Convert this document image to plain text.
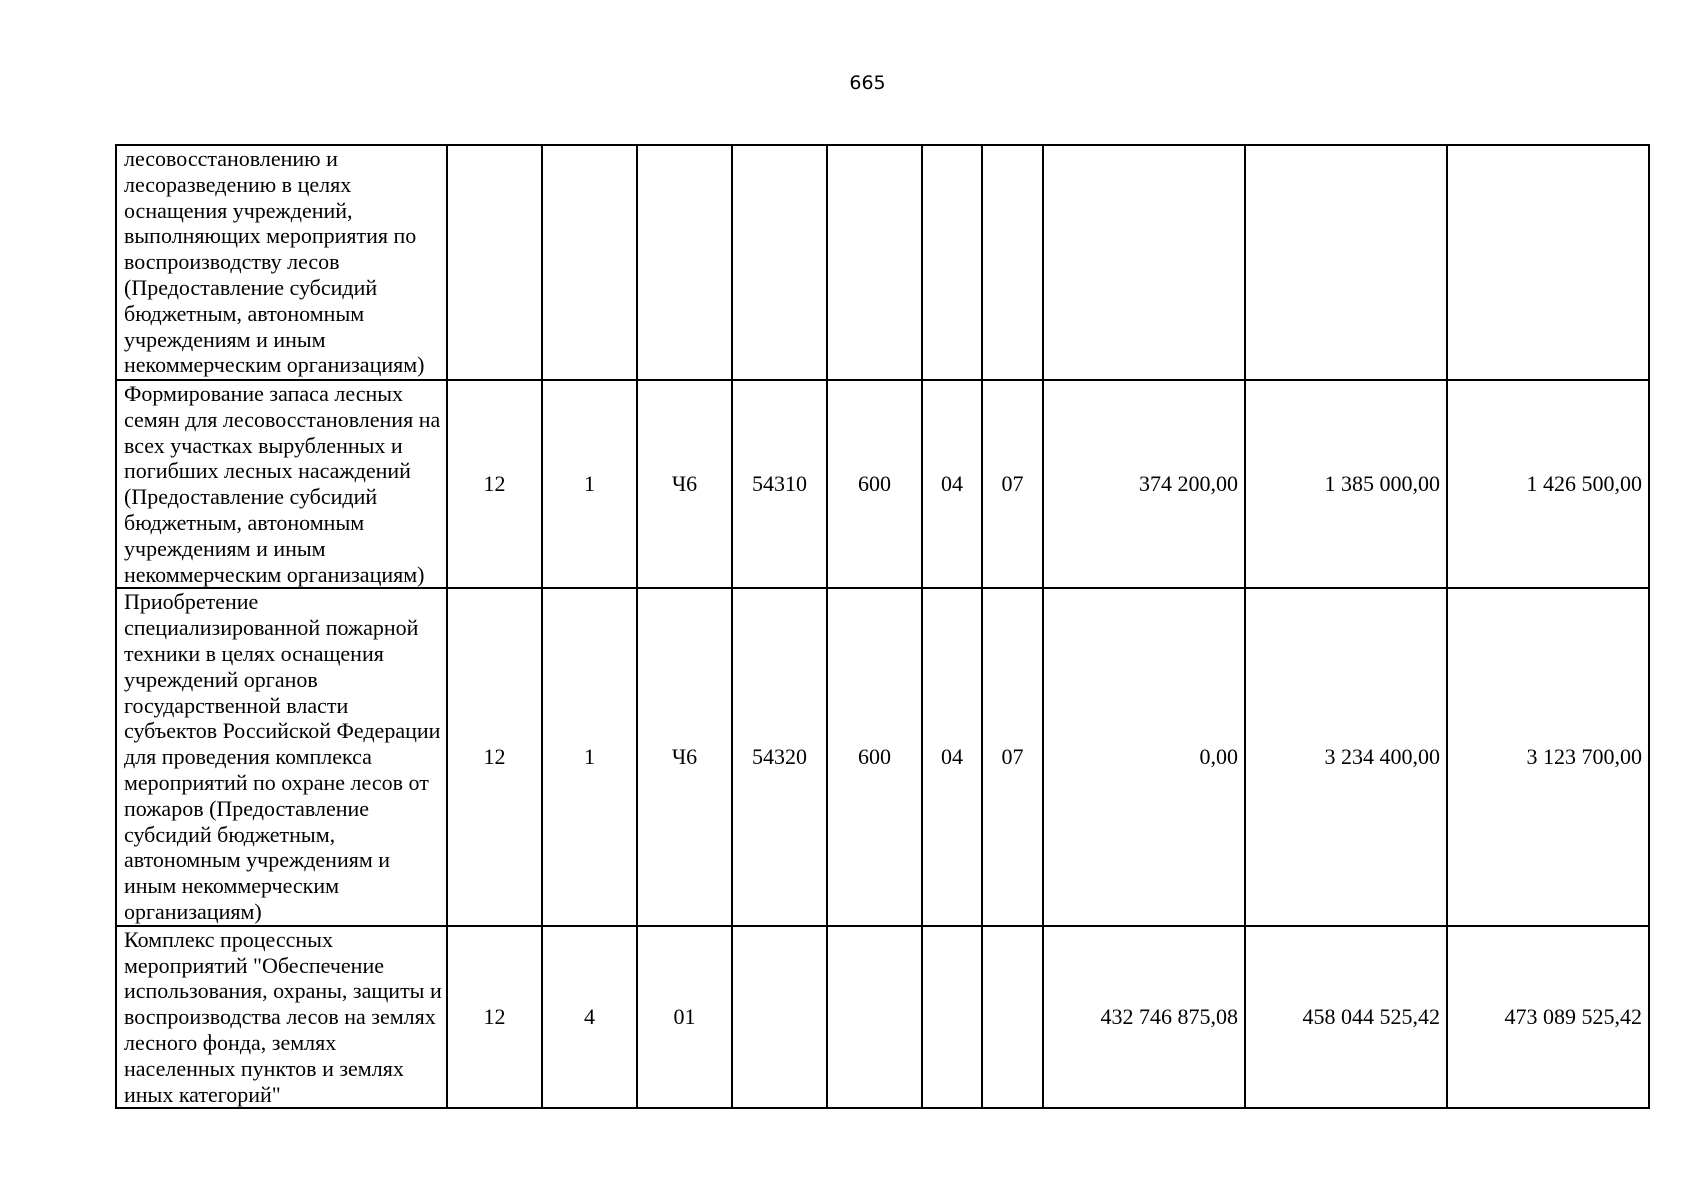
665
лесовосстановлению и лесоразведению в целях оснащения учреждений, выполняющих мероприятия по воспроизводству лесов (Предоставление субсидий бюджетным, автономным учреждениям и иным некоммерческим организациям)										
Формирование запаса лесных семян для лесовосстановления на всех участках вырубленных и погибших лесных насаждений (Предоставление субсидий бюджетным, автономным учреждениям и иным некоммерческим организациям)	12	1	Ч6	54310	600	04	07	374 200,00	1 385 000,00	1 426 500,00
Приобретение специализированной пожарной техники в целях оснащения учреждений органов государственной власти субъектов Российской Федерации для проведения комплекса мероприятий по охране лесов от пожаров (Предоставление субсидий бюджетным, автономным учреждениям и иным некоммерческим организациям)	12	1	Ч6	54320	600	04	07	0,00	3 234 400,00	3 123 700,00
Комплекс процессных мероприятий "Обеспечение использования, охраны, защиты и воспроизводства лесов на землях лесного фонда, землях населенных пунктов и землях иных категорий"	12	4	01					432 746 875,08	458 044 525,42	473 089 525,42
